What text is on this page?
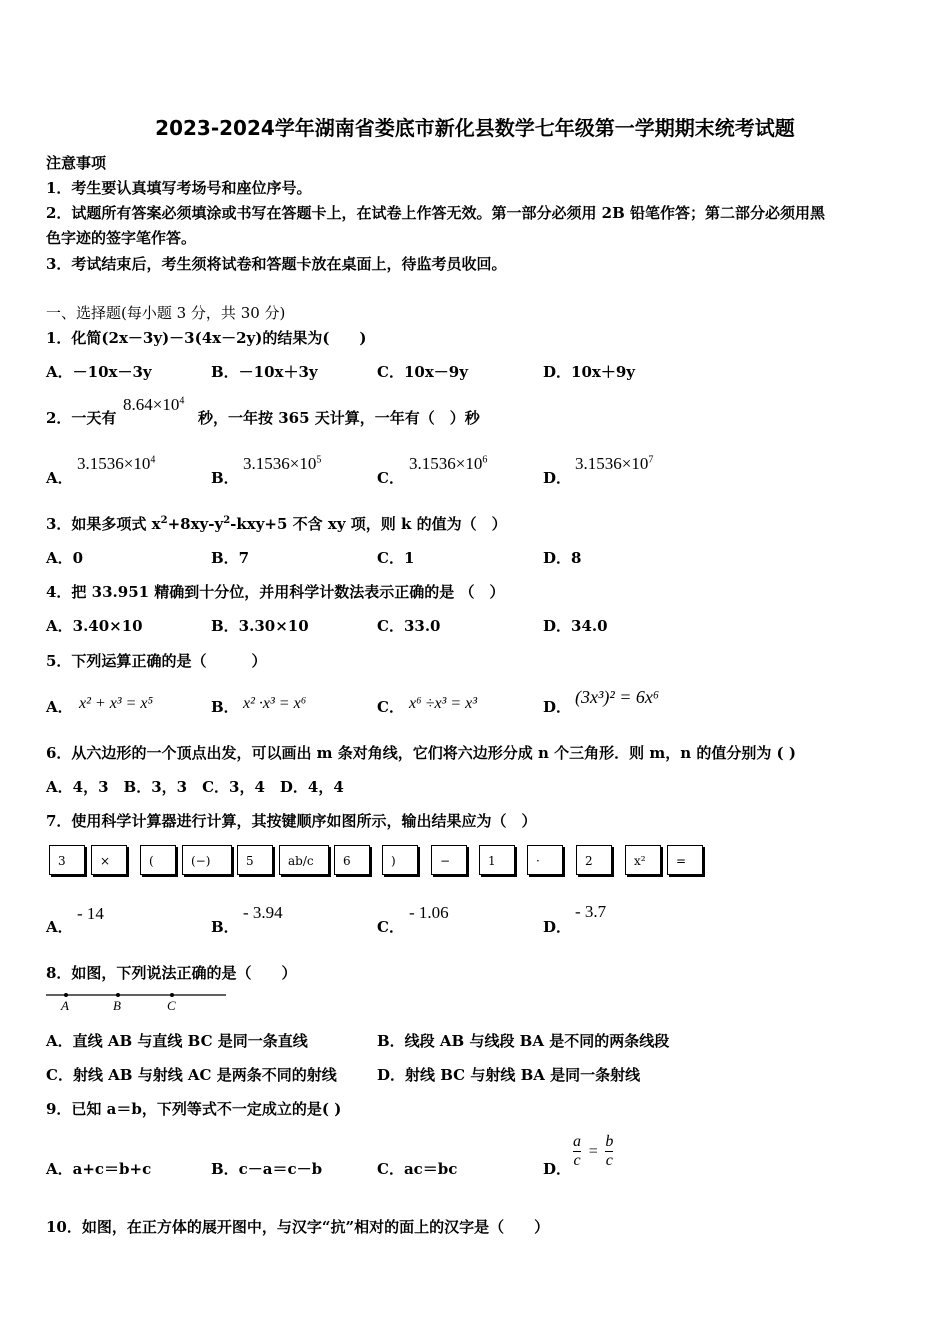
2023-2024学年湖南省娄底市新化县数学七年级第一学期期末统考试题
注意事项
1．考生要认真填写考场号和座位序号。
2．试题所有答案必须填涂或书写在答题卡上，在试卷上作答无效。第一部分必须用 2B 铅笔作答；第二部分必须用黑
色字迹的签字笔作答。
3．考试结束后，考生须将试卷和答题卡放在桌面上，待监考员收回。
一、选择题(每小题 3 分，共 30 分)
1．化简(2x－3y)－3(4x－2y)的结果为(　　)
A．－10x－3y	B．－10x＋3y	C．10x－9y	D．10x＋9y
2．一天有
$8.64\times 10^4$
秒，一年按 365 天计算，一年有（　）秒
A．
$3.1536\times 10^4$
B．
$3.1536\times 10^5$
C．
$3.1536\times 10^6$
D．
$3.1536\times 10^7$
3．如果多项式 $x^2+8xy-y^2-kxy+5$ 不含 xy 项，则 k 的值为（　）
A．0	B．7	C．1	D．8
4．把 33.951 精确到十分位，并用科学计数法表示正确的是 （　）
A．3.40×10	B．3.30×10	C．33.0	D．34.0
5．下列运算正确的是（　　　）
A． x² + x³ = x⁵	B． x² ·x³ = x⁶	C． x⁶ ÷x³ = x³	D． (3x³)² = 6x⁶
6．从六边形的一个顶点出发，可以画出 m 条对角线，它们将六边形分成 n 个三角形．则 m，n 的值分别为 ( )
A．4，3　B．3，3　C．3，4　D．4，4
7．使用科学计算器进行计算，其按键顺序如图所示，输出结果应为（　）
3	×	(	(−)	5	ab/c	6	)	−	1	·	2	x²	=
A．
- 14
B．
- 3.94
C．
- 1.06
D．
- 3.7
8．如图，下列说法正确的是（　　）
A	B	C
A．直线 AB 与直线 BC 是同一条直线	B．线段 AB 与线段 BA 是不同的两条线段
C．射线 AB 与射线 AC 是两条不同的射线	D．射线 BC 与射线 BA 是同一条射线
9．已知 a＝b，下列等式不一定成立的是( )
A．a+c＝b+c	B．c－a＝c－b	C．ac＝bc	D． $\frac{a}{c} = \frac{b}{c}$
10．如图，在正方体的展开图中，与汉字“抗”相对的面上的汉字是（　　）
